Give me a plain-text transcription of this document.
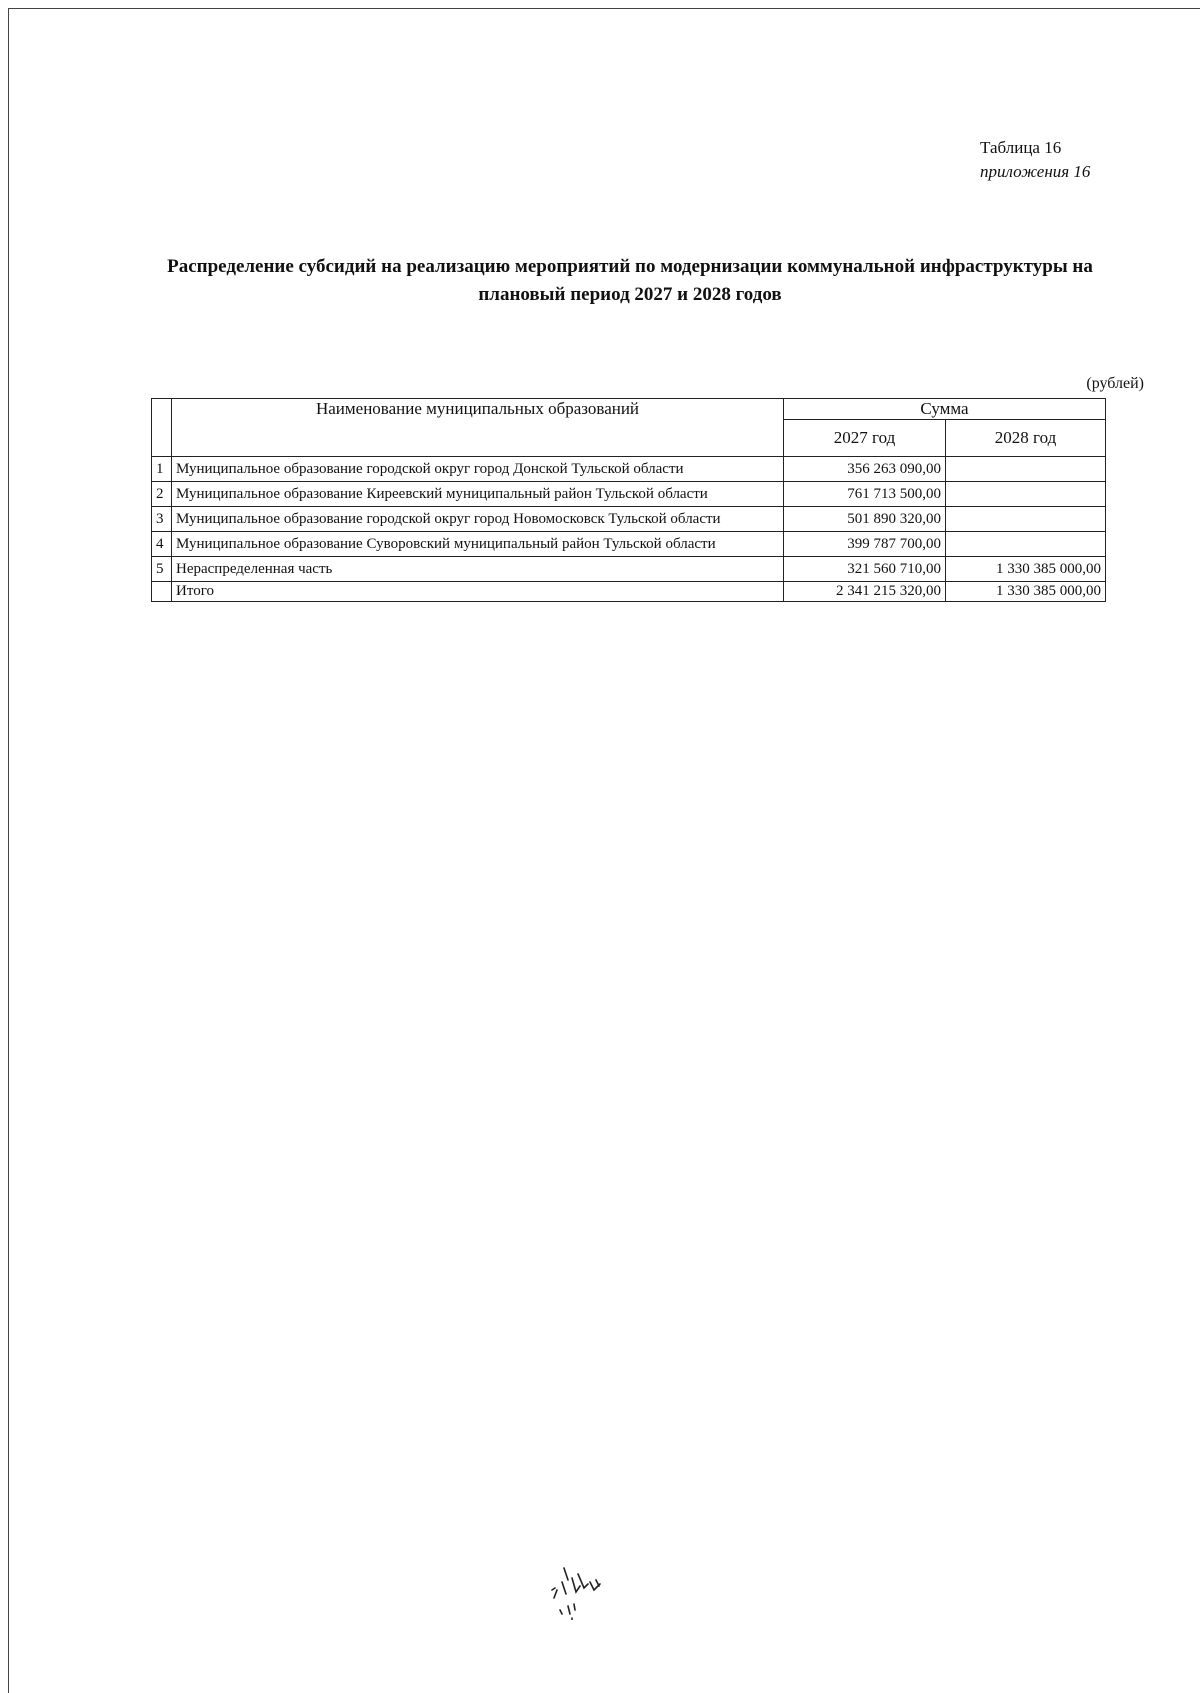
Таблица 16
приложения 16
Распределение субсидий на реализацию мероприятий по модернизации коммунальной инфраструктуры на плановый период 2027 и 2028 годов
(рублей)
	Наименование муниципальных образований	Сумма	
		2027 год	2028 год
1	Муниципальное образование городской округ город Донской Тульской области	356 263 090,00	
2	Муниципальное образование Киреевский муниципальный район Тульской области	761 713 500,00	
3	Муниципальное образование городской округ город Новомосковск Тульской области	501 890 320,00	
4	Муниципальное образование Суворовский муниципальный район Тульской области	399 787 700,00	
5	Нераспределенная часть	321 560 710,00	1 330 385 000,00
	Итого	2 341 215 320,00	1 330 385 000,00
